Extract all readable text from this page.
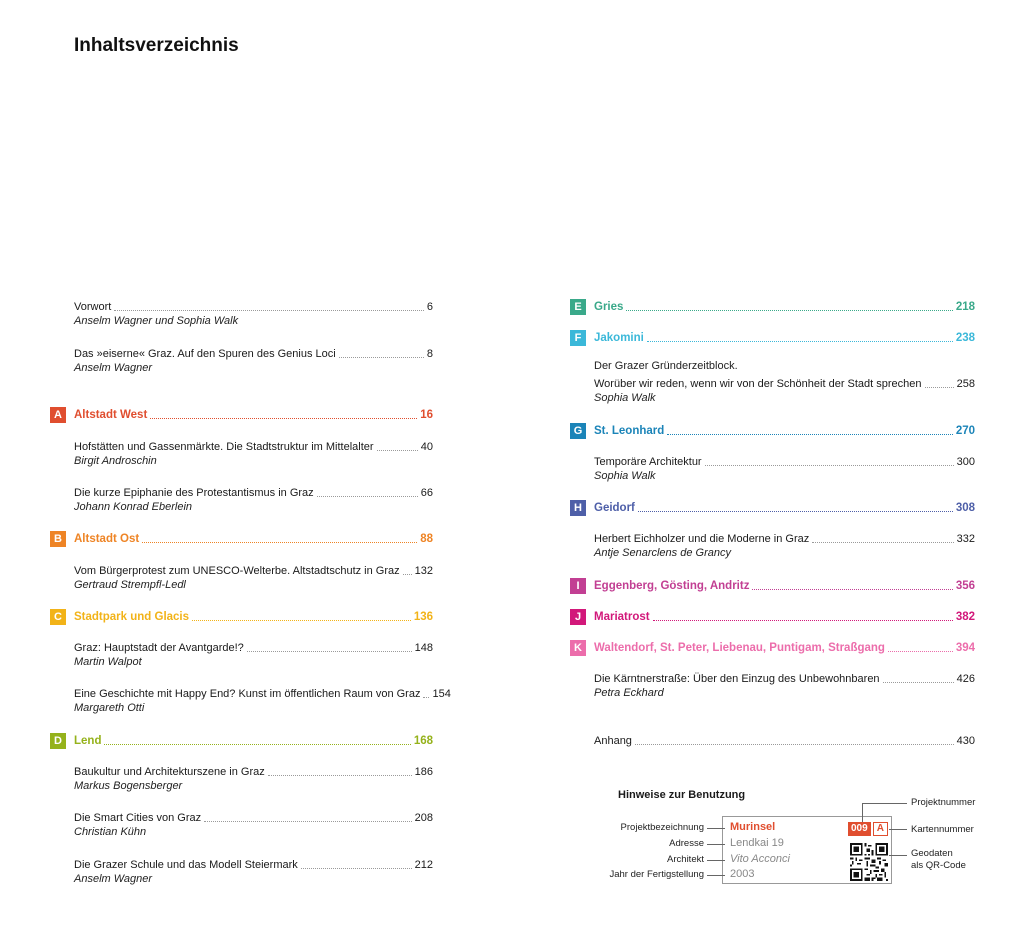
Inhaltsverzeichnis
Vorwort	6
Anselm Wagner und Sophia Walk
Das »eiserne« Graz. Auf den Spuren des Genius Loci	8
Anselm Wagner
A	Altstadt West	16
Hofstätten und Gassenmärkte. Die Stadtstruktur im Mittelalter	40
Birgit Androschin
Die kurze Epiphanie des Protestantismus in Graz	66
Johann Konrad Eberlein
B	Altstadt Ost	88
Vom Bürgerprotest zum UNESCO-Welterbe. Altstadtschutz in Graz 132
Gertraud Strempfl-Ledl
C	Stadtpark und Glacis	136
Graz: Hauptstadt der Avantgarde!?	148
Martin Walpot
Eine Geschichte mit Happy End? Kunst im öffentlichen Raum von Graz 154
Margareth Otti
D	Lend	168
Baukultur und Architekturszene in Graz	186
Markus Bogensberger
Die Smart Cities von Graz	208
Christian Kühn
Die Grazer Schule und das Modell Steiermark	212
Anselm Wagner
E	Gries	218
F	Jakomini	238
Der Grazer Gründerzeitblock.
Worüber wir reden, wenn wir von der Schönheit der Stadt sprechen	258
Sophia Walk
G	St. Leonhard	270
Temporäre Architektur	300
Sophia Walk
H	Geidorf	308
Herbert Eichholzer und die Moderne in Graz	332
Antje Senarclens de Grancy
I	Eggenberg, Gösting, Andritz	356
J	Mariatrost	382
K	Waltendorf, St. Peter, Liebenau, Puntigam, Straßgang	394
Die Kärntnerstraße: Über den Einzug des Unbewohnbaren	426
Petra Eckhard
Anhang	430
Hinweise zur Benutzung
Projektbezeichnung
Adresse
Architekt
Jahr der Fertigstellung
Murinsel
Lendkai 19
Vito Acconci
2003
009 A
Projektnummer
Kartennummer
Geodaten
als QR-Code
